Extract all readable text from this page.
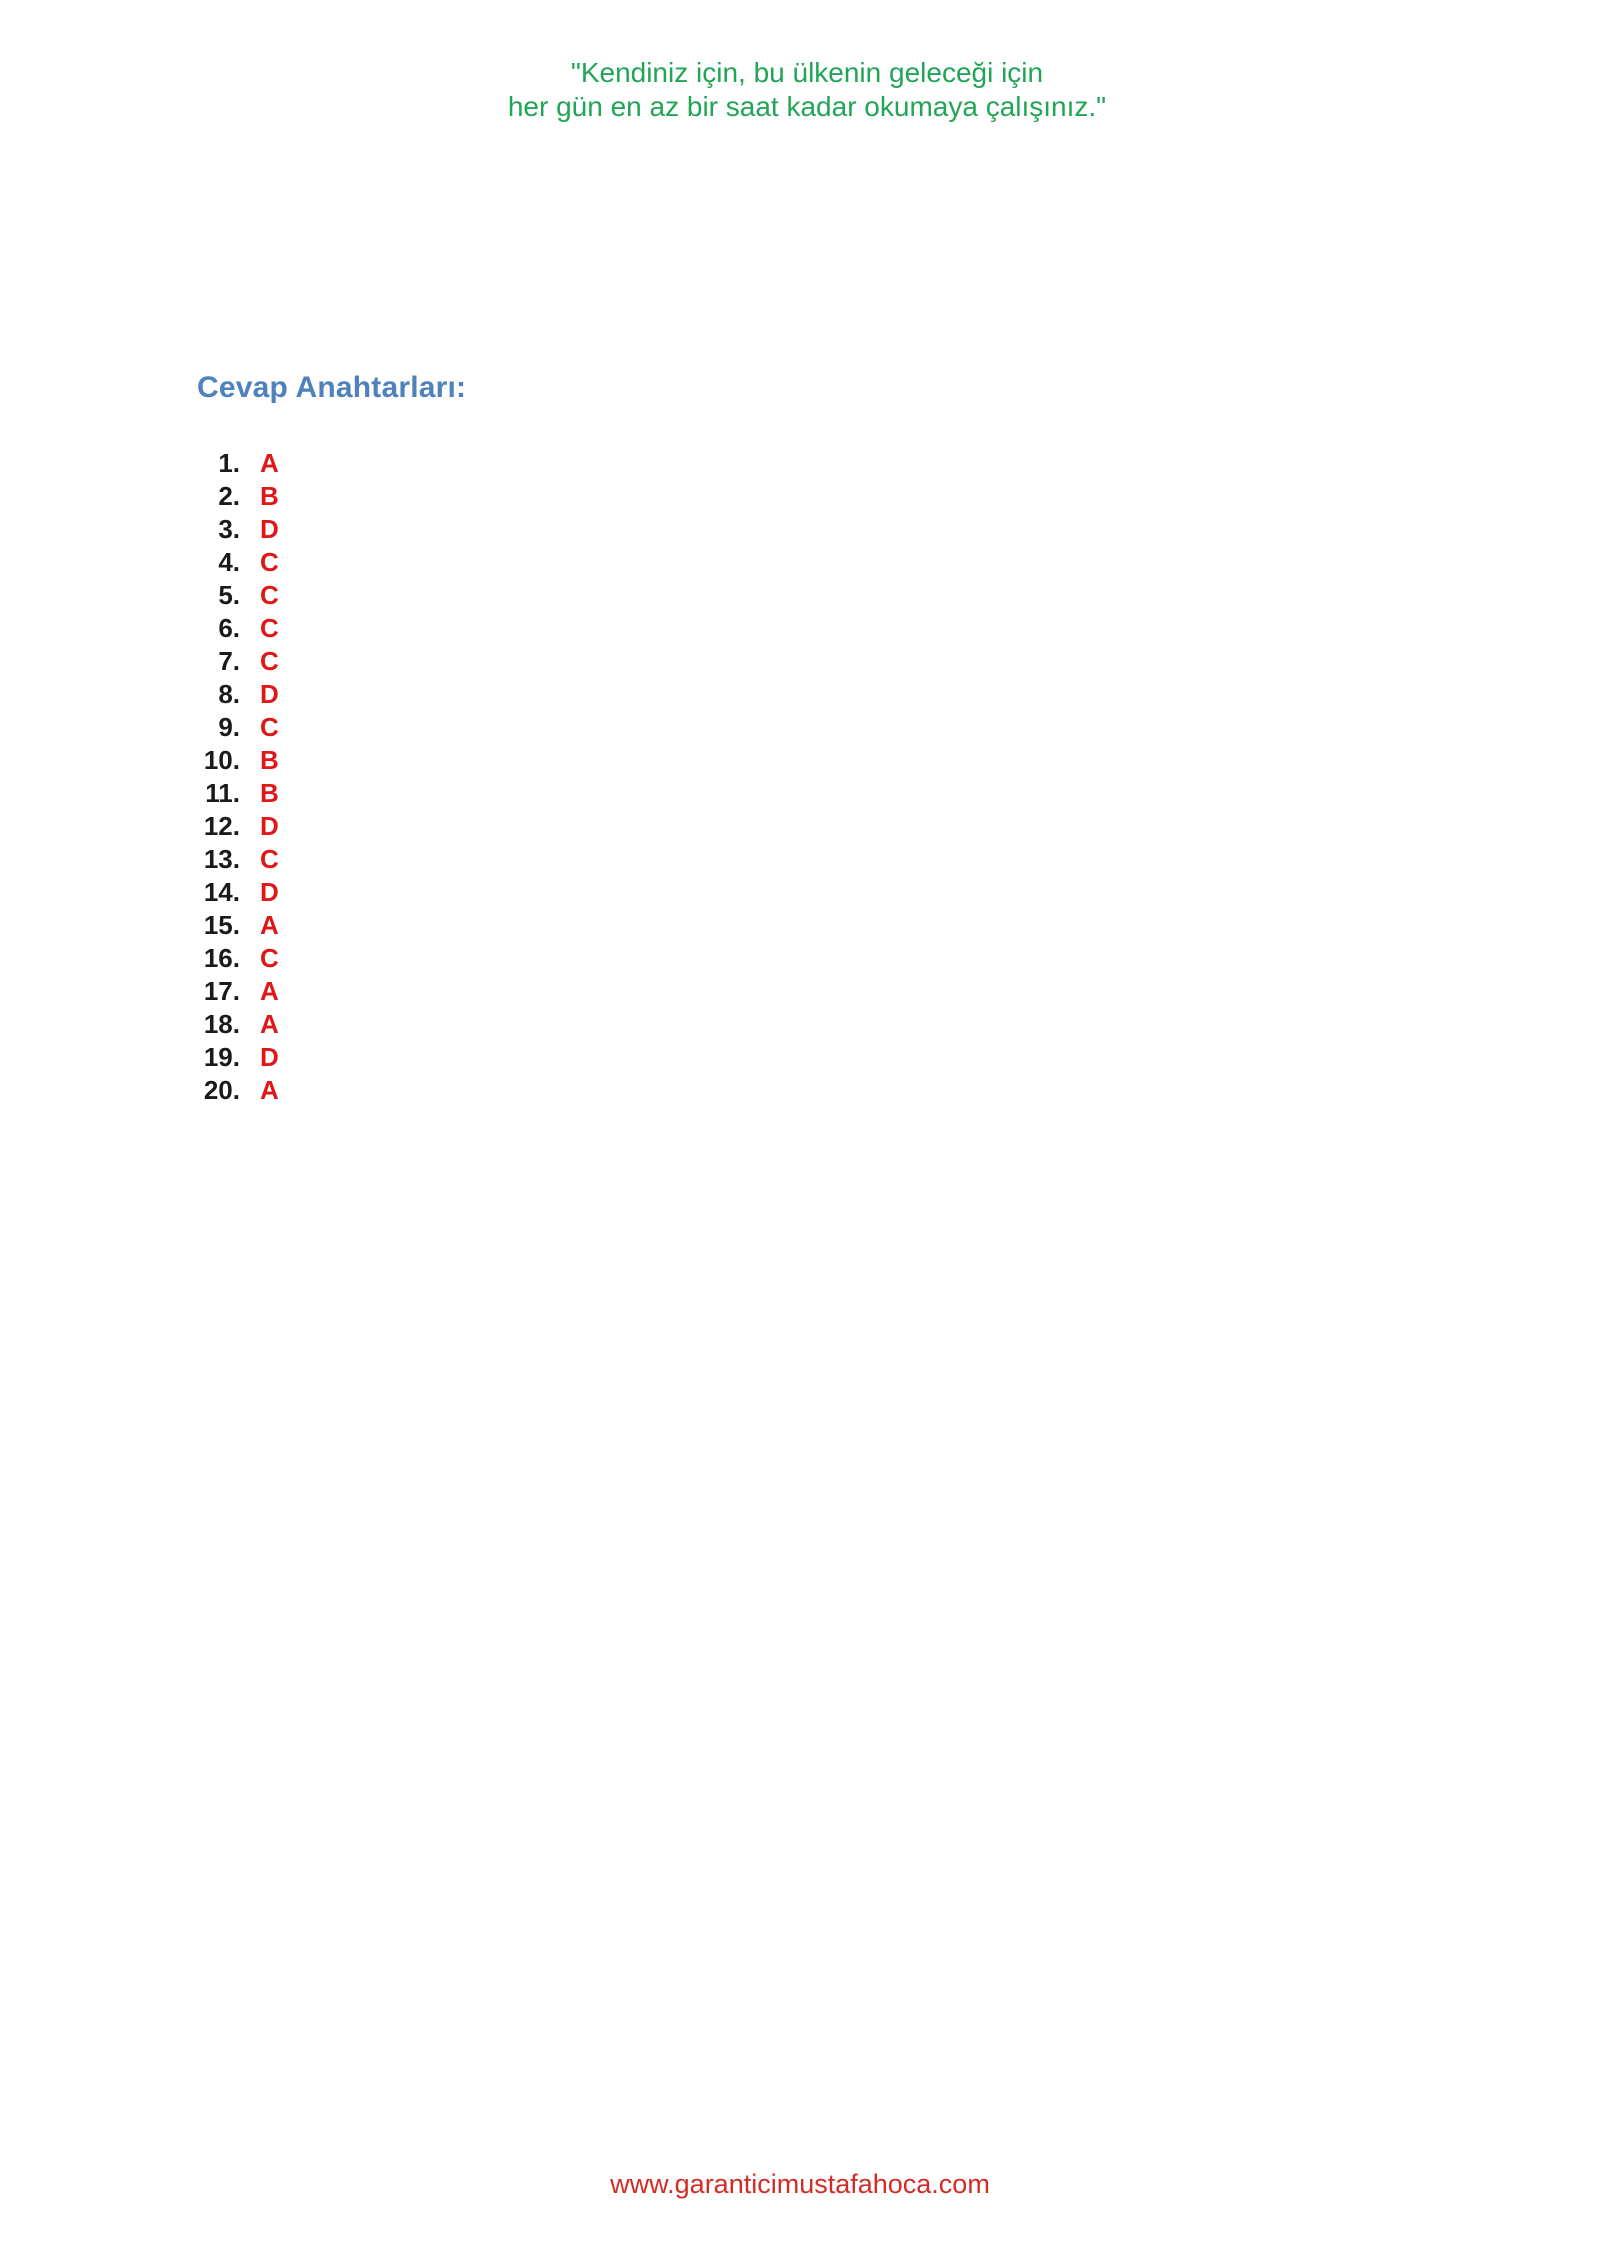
"Kendiniz için, bu ülkenin geleceği için
her gün en az bir saat kadar okumaya çalışınız."
Cevap Anahtarları:
1. A
2. B
3. D
4. C
5. C
6. C
7. C
8. D
9. C
10. B
11. B
12. D
13. C
14. D
15. A
16. C
17. A
18. A
19. D
20. A
www.garanticimustafahoca.com
